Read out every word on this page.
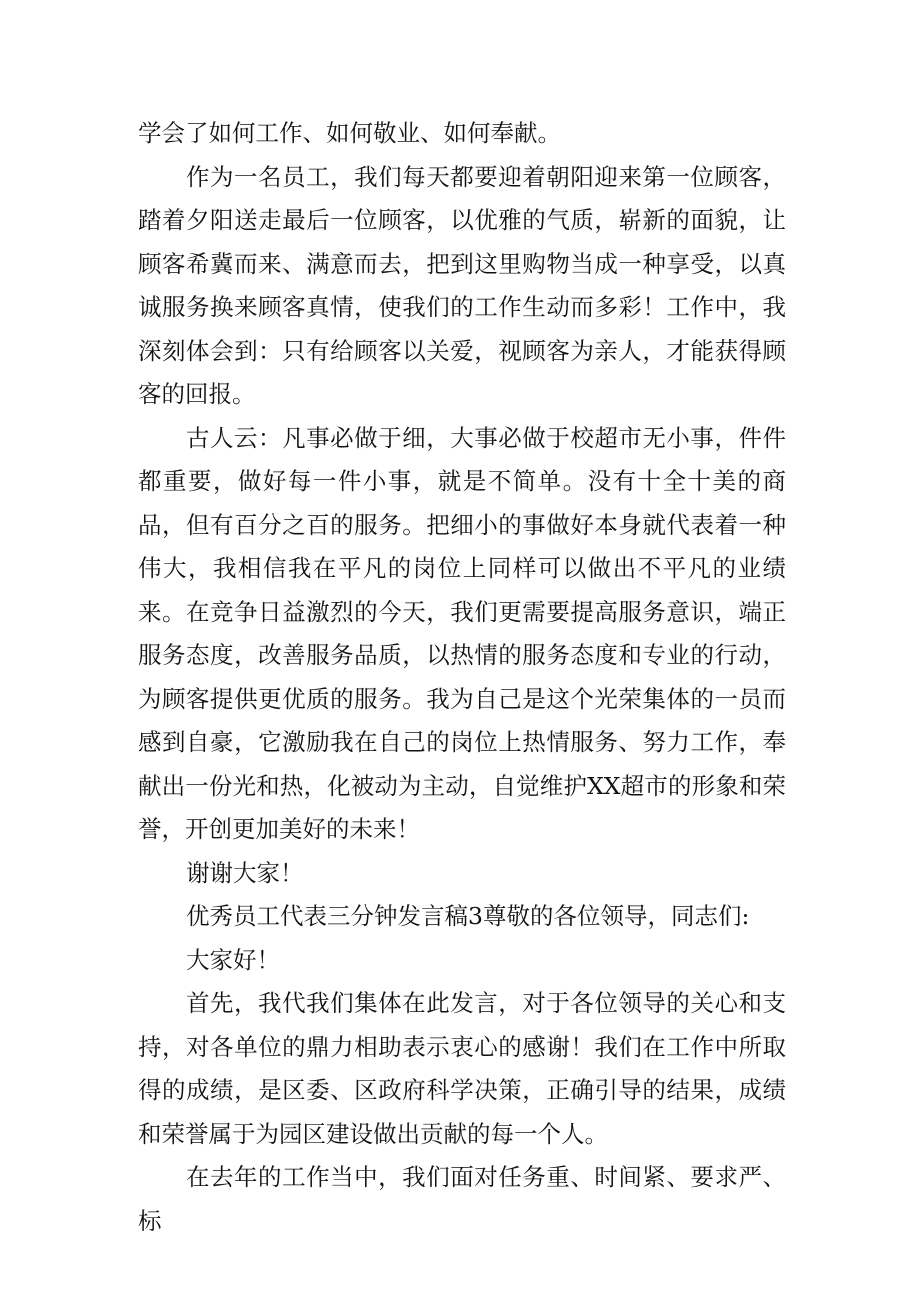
学会了如何工作、如何敬业、如何奉献。

作为一名员工，我们每天都要迎着朝阳迎来第一位顾客，踏着夕阳送走最后一位顾客，以优雅的气质，崭新的面貌，让顾客希冀而来、满意而去，把到这里购物当成一种享受，以真诚服务换来顾客真情，使我们的工作生动而多彩！工作中，我深刻体会到：只有给顾客以关爱，视顾客为亲人，才能获得顾客的回报。

古人云：凡事必做于细，大事必做于校超市无小事，件件都重要，做好每一件小事，就是不简单。没有十全十美的商品，但有百分之百的服务。把细小的事做好本身就代表着一种伟大，我相信我在平凡的岗位上同样可以做出不平凡的业绩来。在竞争日益激烈的今天，我们更需要提高服务意识，端正服务态度，改善服务品质，以热情的服务态度和专业的行动，为顾客提供更优质的服务。我为自己是这个光荣集体的一员而感到自豪，它激励我在自己的岗位上热情服务、努力工作，奉献出一份光和热，化被动为主动，自觉维护XX超市的形象和荣誉，开创更加美好的未来！

谢谢大家！

优秀员工代表三分钟发言稿3尊敬的各位领导，同志们:

大家好！

首先，我代我们集体在此发言，对于各位领导的关心和支持，对各单位的鼎力相助表示衷心的感谢！我们在工作中所取得的成绩，是区委、区政府科学决策，正确引导的结果，成绩和荣誉属于为园区建设做出贡献的每一个人。

在去年的工作当中，我们面对任务重、时间紧、要求严、标
